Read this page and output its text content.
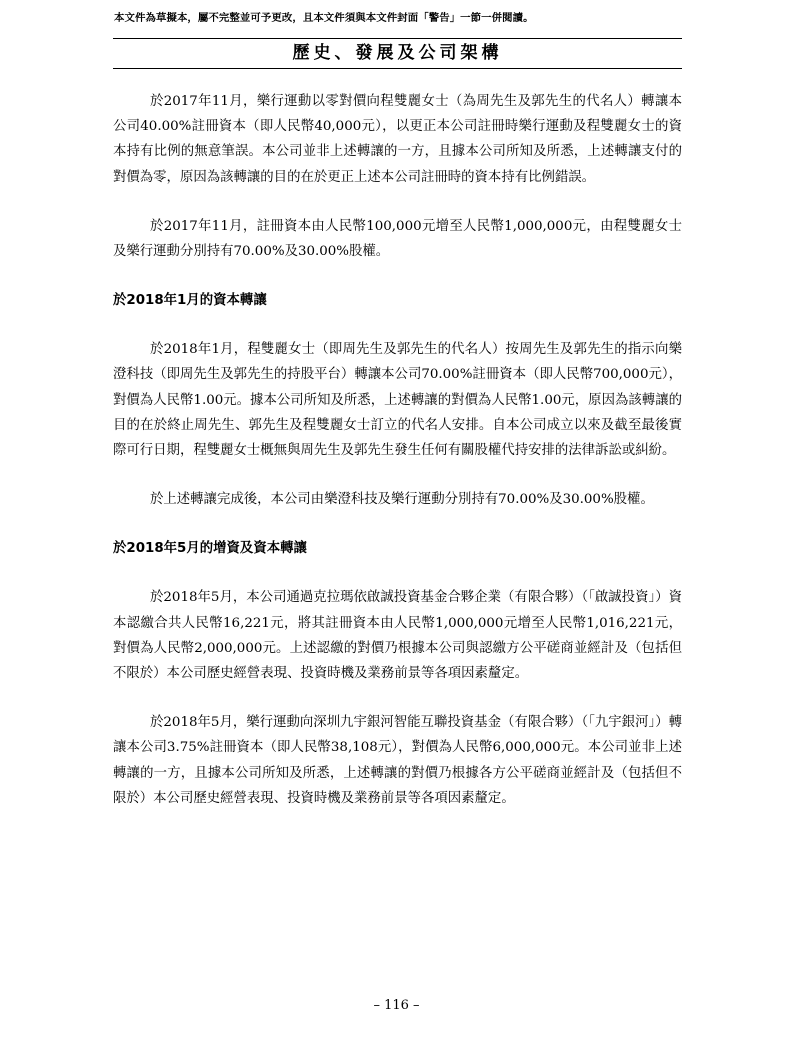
本文件為草擬本，屬不完整並可予更改，且本文件須與本文件封面「警告」一節一併閱讀。
歷史、發展及公司架構

於2017年11月，樂行運動以零對價向程雙麗女士（為周先生及郭先生的代名人）轉讓本公司40.00%註冊資本（即人民幣40,000元），以更正本公司註冊時樂行運動及程雙麗女士的資本持有比例的無意筆誤。本公司並非上述轉讓的一方，且據本公司所知及所悉，上述轉讓支付的對價為零，原因為該轉讓的目的在於更正上述本公司註冊時的資本持有比例錯誤。

於2017年11月，註冊資本由人民幣100,000元增至人民幣1,000,000元，由程雙麗女士及樂行運動分別持有70.00%及30.00%股權。

於2018年1月的資本轉讓

於2018年1月，程雙麗女士（即周先生及郭先生的代名人）按周先生及郭先生的指示向樂澄科技（即周先生及郭先生的持股平台）轉讓本公司70.00%註冊資本（即人民幣700,000元），對價為人民幣1.00元。據本公司所知及所悉，上述轉讓的對價為人民幣1.00元，原因為該轉讓的目的在於終止周先生、郭先生及程雙麗女士訂立的代名人安排。自本公司成立以來及截至最後實際可行日期，程雙麗女士概無與周先生及郭先生發生任何有關股權代持安排的法律訴訟或糾紛。

於上述轉讓完成後，本公司由樂澄科技及樂行運動分別持有70.00%及30.00%股權。

於2018年5月的增資及資本轉讓

於2018年5月，本公司通過克拉瑪依啟誠投資基金合夥企業（有限合夥）（「啟誠投資」）資本認繳合共人民幣16,221元，將其註冊資本由人民幣1,000,000元增至人民幣1,016,221元，對價為人民幣2,000,000元。上述認繳的對價乃根據本公司與認繳方公平磋商並經計及（包括但不限於）本公司歷史經營表現、投資時機及業務前景等各項因素釐定。

於2018年5月，樂行運動向深圳九宇銀河智能互聯投資基金（有限合夥）（「九宇銀河」）轉讓本公司3.75%註冊資本（即人民幣38,108元），對價為人民幣6,000,000元。本公司並非上述轉讓的一方，且據本公司所知及所悉，上述轉讓的對價乃根據各方公平磋商並經計及（包括但不限於）本公司歷史經營表現、投資時機及業務前景等各項因素釐定。

– 116 –
